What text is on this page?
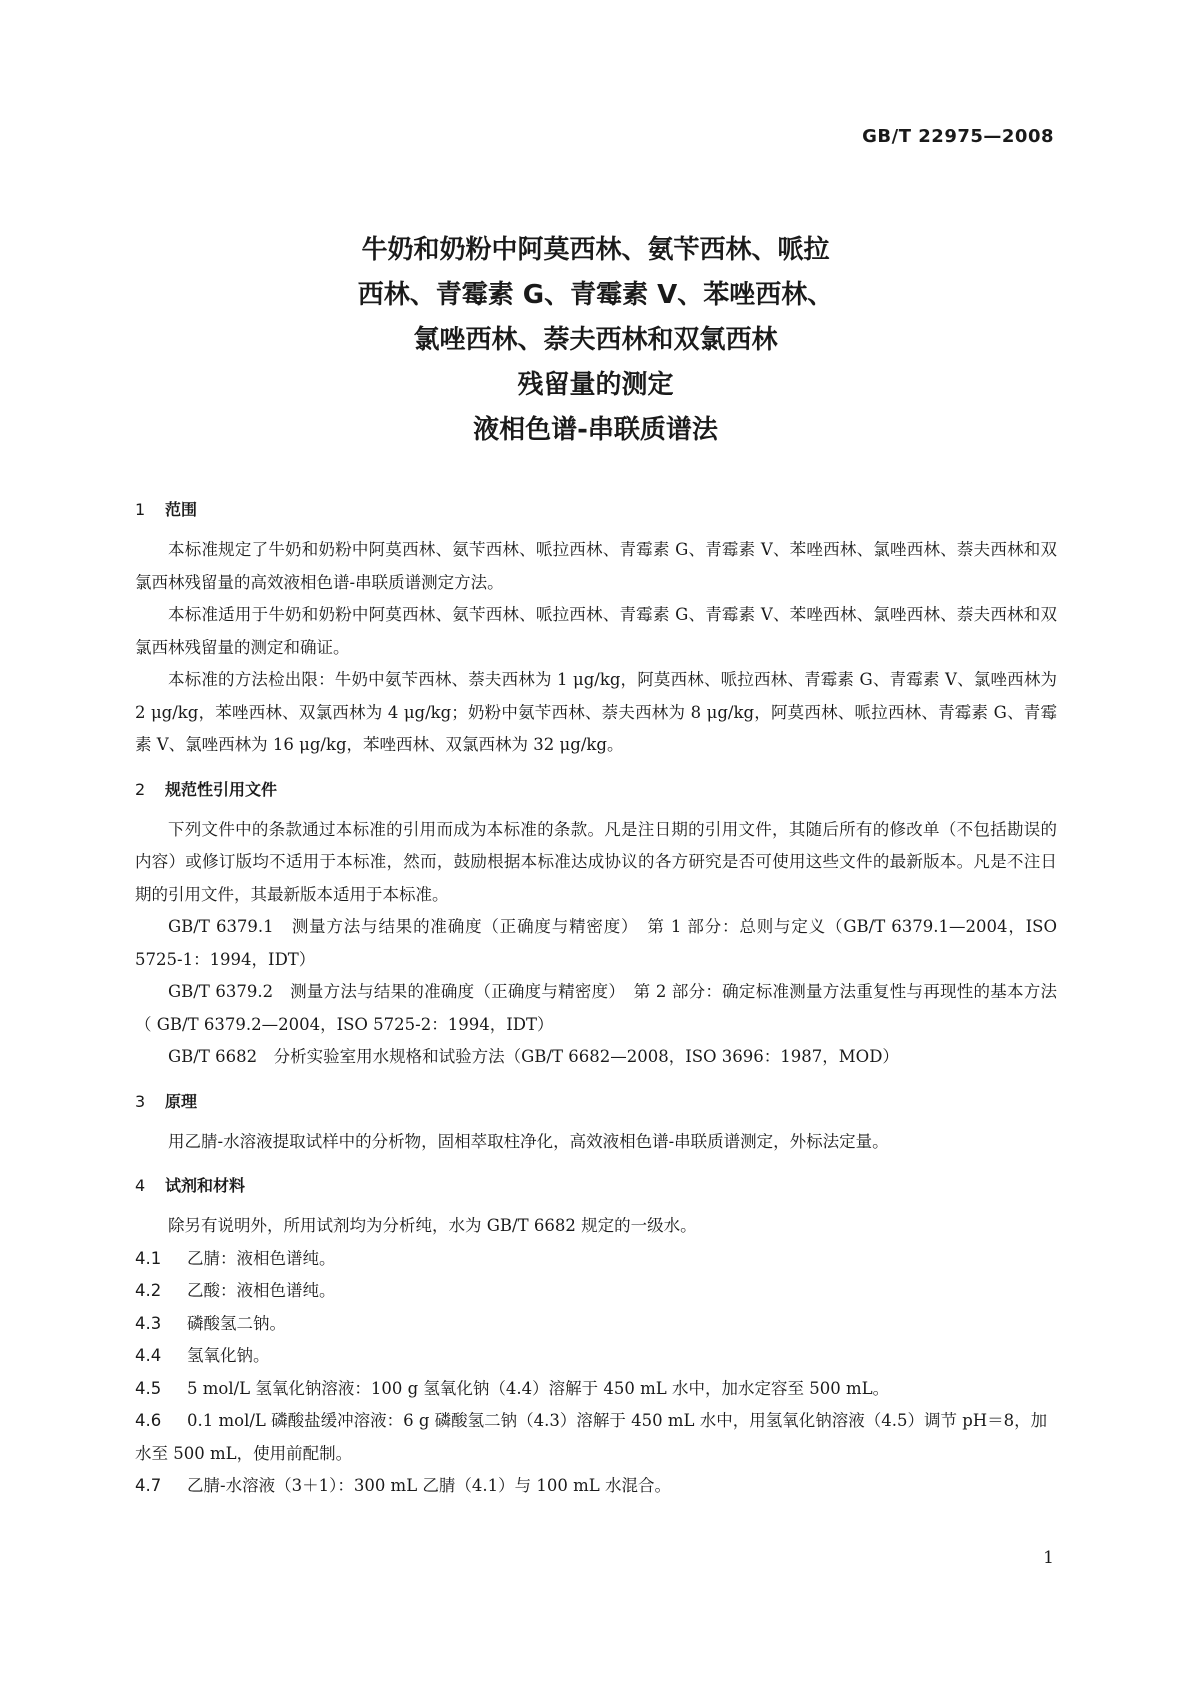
GB/T 22975—2008
牛奶和奶粉中阿莫西林、氨苄西林、哌拉
西林、青霉素 G、青霉素 V、苯唑西林、
氯唑西林、萘夫西林和双氯西林
残留量的测定
液相色谱-串联质谱法
1 范围

本标准规定了牛奶和奶粉中阿莫西林、氨苄西林、哌拉西林、青霉素 G、青霉素 V、苯唑西林、氯唑西林、萘夫西林和双氯西林残留量的高效液相色谱-串联质谱测定方法。

本标准适用于牛奶和奶粉中阿莫西林、氨苄西林、哌拉西林、青霉素 G、青霉素 V、苯唑西林、氯唑西林、萘夫西林和双氯西林残留量的测定和确证。

本标准的方法检出限：牛奶中氨苄西林、萘夫西林为 1 μg/kg，阿莫西林、哌拉西林、青霉素 G、青霉素 V、氯唑西林为 2 μg/kg，苯唑西林、双氯西林为 4 μg/kg；奶粉中氨苄西林、萘夫西林为 8 μg/kg，阿莫西林、哌拉西林、青霉素 G、青霉素 V、氯唑西林为 16 μg/kg，苯唑西林、双氯西林为 32 μg/kg。

2 规范性引用文件

下列文件中的条款通过本标准的引用而成为本标准的条款。凡是注日期的引用文件，其随后所有的修改单（不包括勘误的内容）或修订版均不适用于本标准，然而，鼓励根据本标准达成协议的各方研究是否可使用这些文件的最新版本。凡是不注日期的引用文件，其最新版本适用于本标准。

GB/T 6379.1　测量方法与结果的准确度（正确度与精密度）　第 1 部分：总则与定义（GB/T 6379.1—2004，ISO 5725-1：1994，IDT）

GB/T 6379.2　测量方法与结果的准确度（正确度与精密度）　第 2 部分：确定标准测量方法重复性与再现性的基本方法（ GB/T 6379.2—2004，ISO 5725-2：1994，IDT）

GB/T 6682　分析实验室用水规格和试验方法（GB/T 6682—2008，ISO 3696：1987，MOD）

3 原理

用乙腈-水溶液提取试样中的分析物，固相萃取柱净化，高效液相色谱-串联质谱测定，外标法定量。

4 试剂和材料

除另有说明外，所用试剂均为分析纯，水为 GB/T 6682 规定的一级水。

4.1 乙腈：液相色谱纯。

4.2 乙酸：液相色谱纯。

4.3 磷酸氢二钠。

4.4 氢氧化钠。

4.5 5 mol/L 氢氧化钠溶液：100 g 氢氧化钠（4.4）溶解于 450 mL 水中，加水定容至 500 mL。

4.6 0.1 mol/L 磷酸盐缓冲溶液：6 g 磷酸氢二钠（4.3）溶解于 450 mL 水中，用氢氧化钠溶液（4.5）调节 pH＝8，加水至 500 mL，使用前配制。

4.7 乙腈-水溶液（3＋1）：300 mL 乙腈（4.1）与 100 mL 水混合。

1
